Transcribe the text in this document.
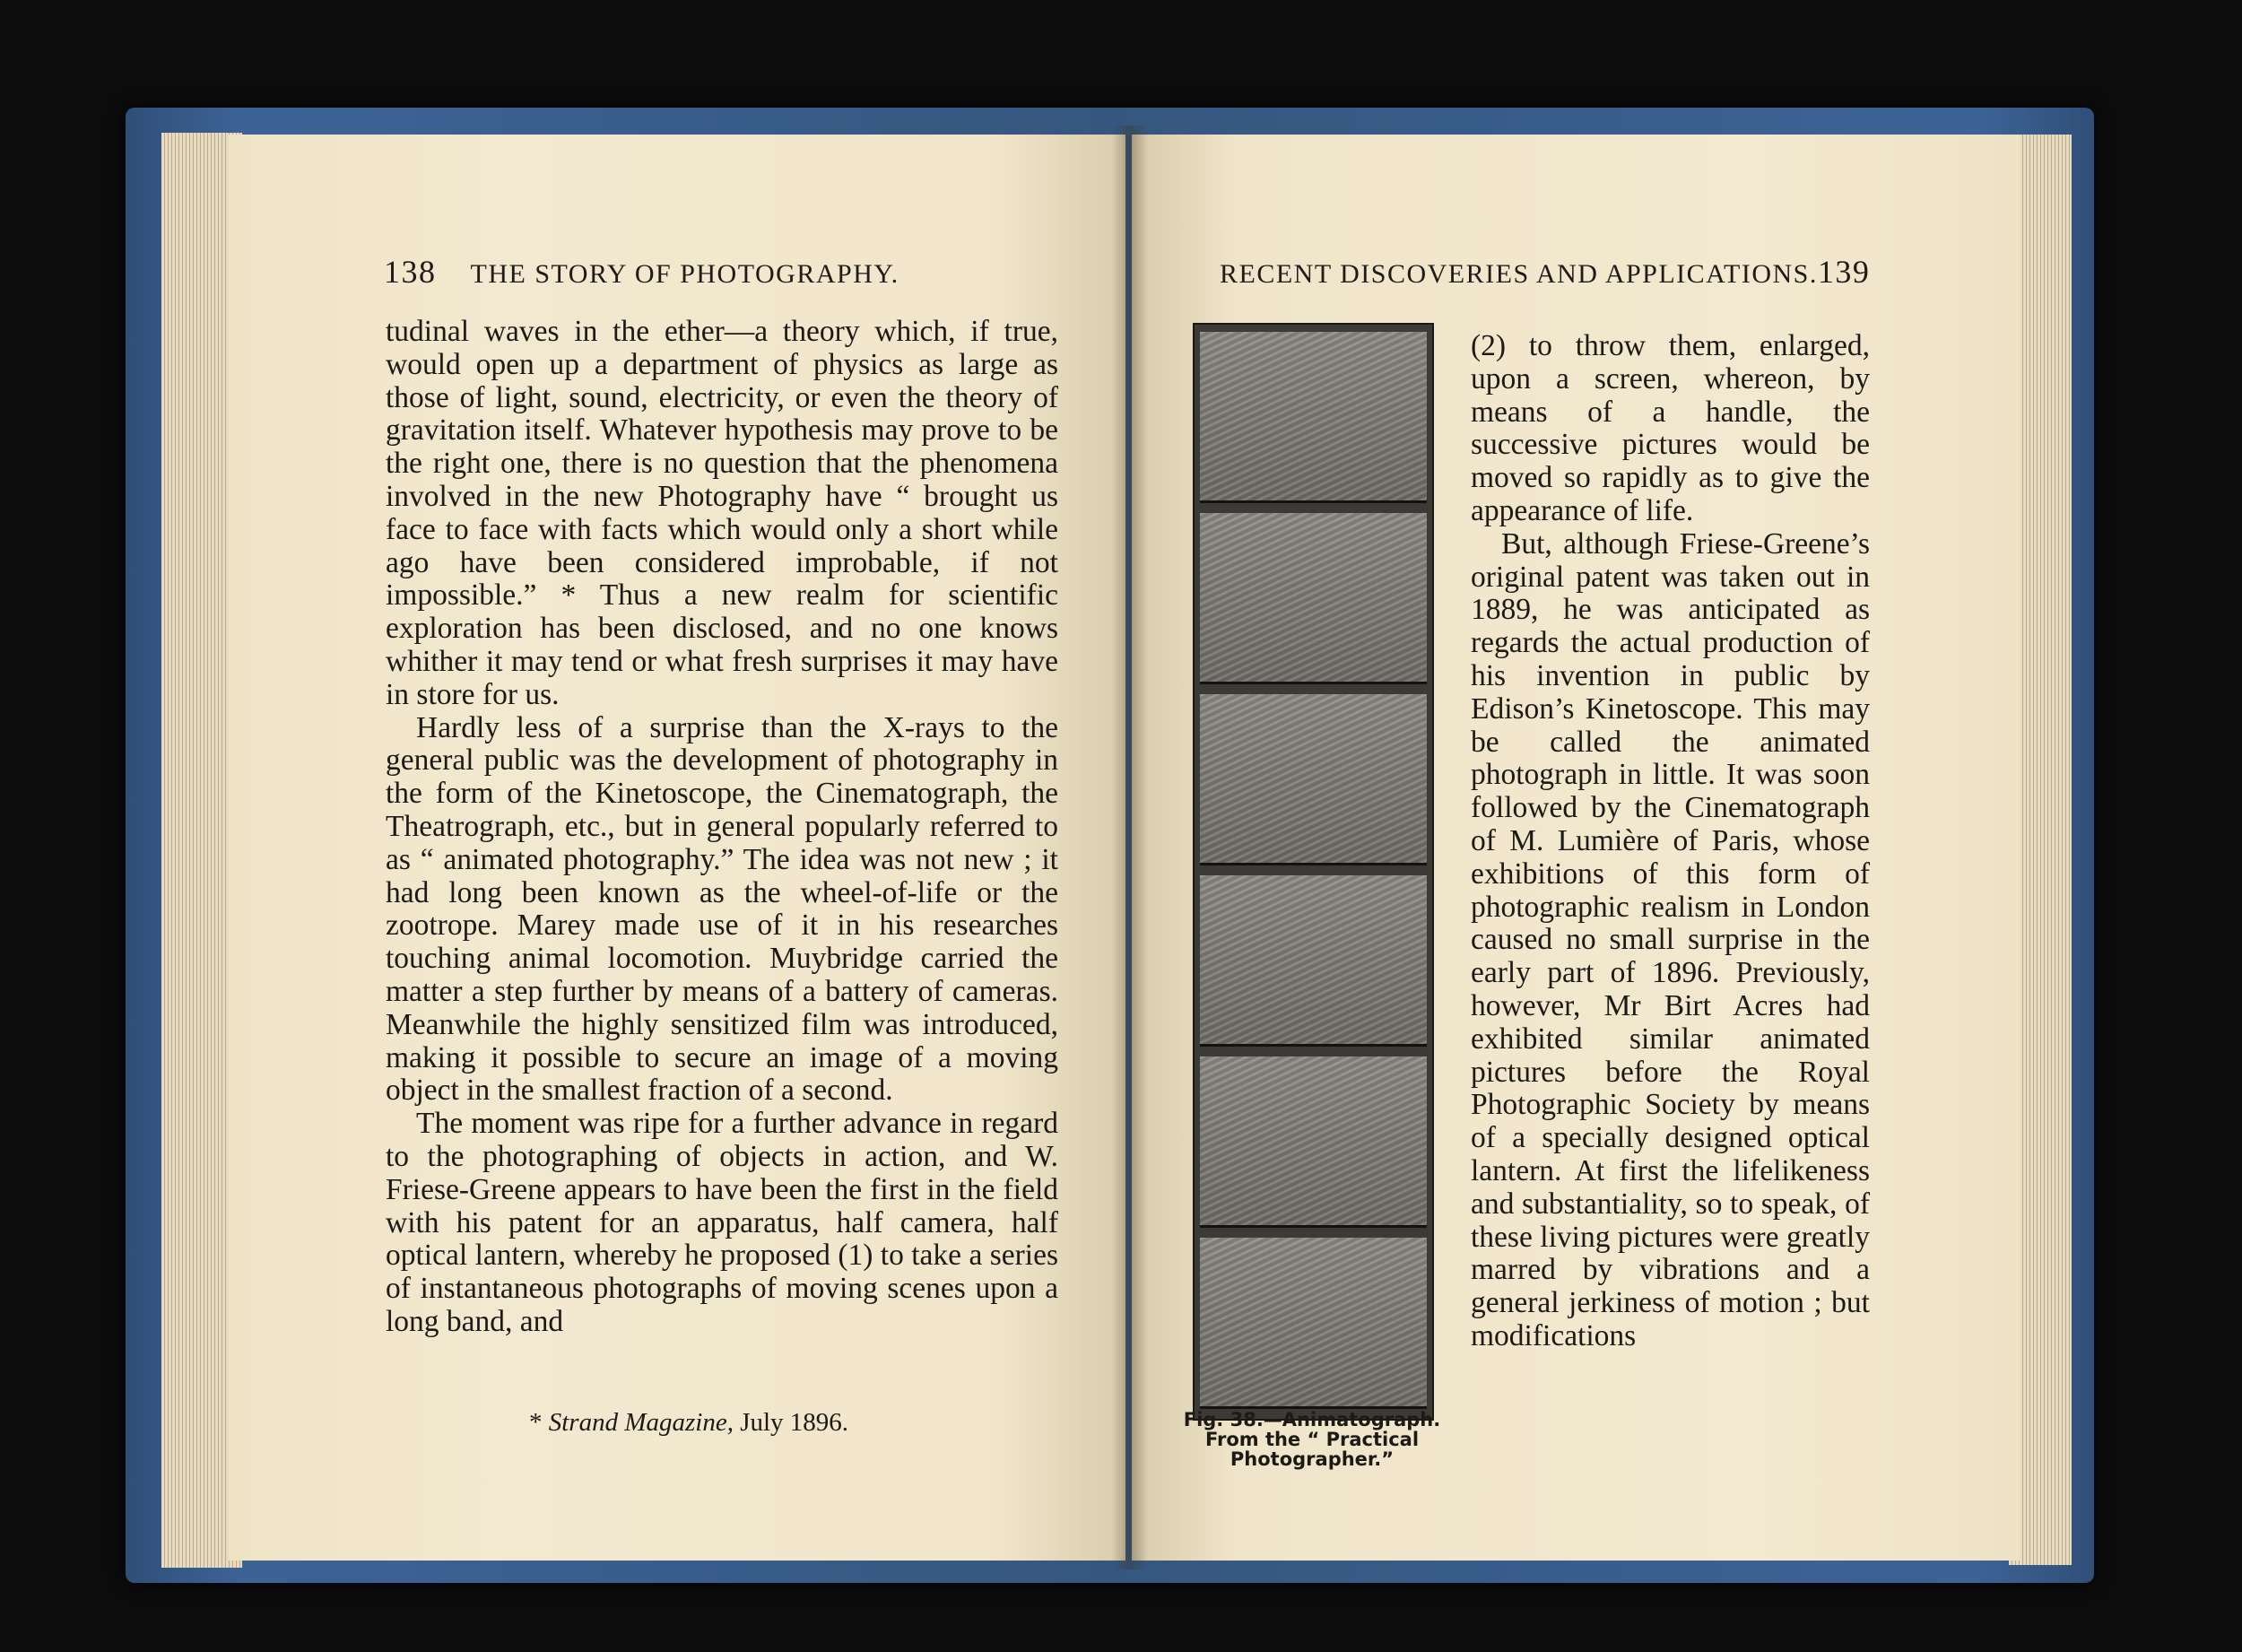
138 THE STORY OF PHOTOGRAPHY.

tudinal waves in the ether—a theory which, if true, would open up a department of physics as large as those of light, sound, electricity, or even the theory of gravitation itself. Whatever hypothesis may prove to be the right one, there is no question that the phenomena involved in the new Photography have “ brought us face to face with facts which would only a short while ago have been considered improbable, if not impossible.” * Thus a new realm for scientific exploration has been disclosed, and no one knows whither it may tend or what fresh surprises it may have in store for us.

Hardly less of a surprise than the X-rays to the general public was the development of photography in the form of the Kinetoscope, the Cinematograph, the Theatrograph, etc., but in general popularly referred to as “ animated photography.” The idea was not new ; it had long been known as the wheel-of-life or the zootrope. Marey made use of it in his researches touching animal locomotion. Muybridge carried the matter a step further by means of a battery of cameras. Meanwhile the highly sensitized film was introduced, making it possible to secure an image of a moving object in the smallest fraction of a second.

The moment was ripe for a further advance in regard to the photographing of objects in action, and W. Friese-Greene appears to have been the first in the field with his patent for an apparatus, half camera, half optical lantern, whereby he proposed (1) to take a series of instantaneous photographs of moving scenes upon a long band, and

* Strand Magazine, July 1896.
RECENT DISCOVERIES AND APPLICATIONS. 139
Fig. 38.—Animatograph.
From the “ Practical
Photographer.”

(2) to throw them, enlarged, upon a screen, whereon, by means of a handle, the successive pictures would be moved so rapidly as to give the appearance of life.

But, although Friese-Greene’s original patent was taken out in 1889, he was anticipated as regards the actual production of his invention in public by Edison’s Kinetoscope. This may be called the animated photograph in little. It was soon followed by the Cinematograph of M. Lumière of Paris, whose exhibitions of this form of photographic realism in London caused no small surprise in the early part of 1896. Previously, however, Mr Birt Acres had exhibited similar animated pictures before the Royal Photographic Society by means of a specially designed optical lantern. At first the lifelikeness and substantiality, so to speak, of these living pictures were greatly marred by vibrations and a general jerkiness of motion ; but modifications
